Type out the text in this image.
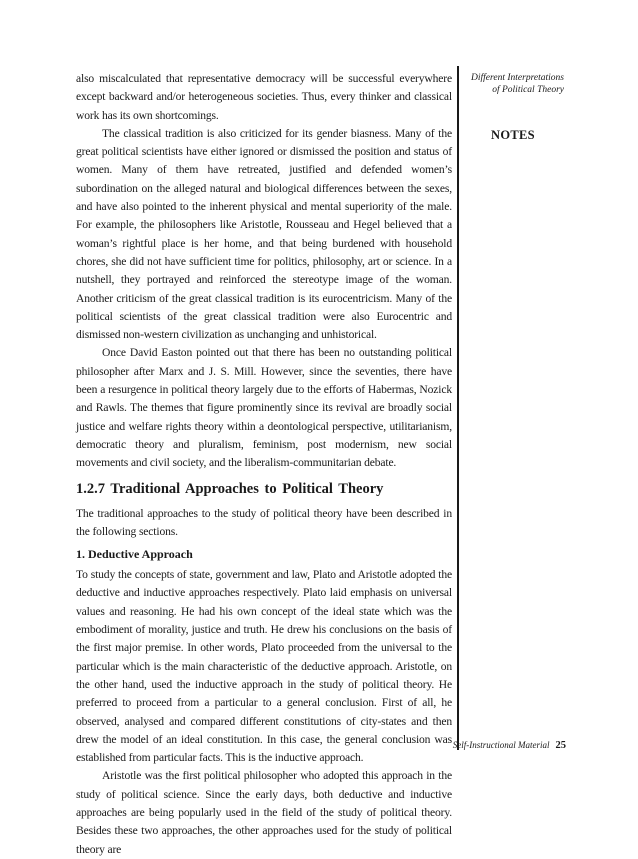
also miscalculated that representative democracy will be successful everywhere except backward and/or heterogeneous societies. Thus, every thinker and classical work has its own shortcomings.

The classical tradition is also criticized for its gender biasness. Many of the great political scientists have either ignored or dismissed the position and status of women. Many of them have retreated, justified and defended women’s subordination on the alleged natural and biological differences between the sexes, and have also pointed to the inherent physical and mental superiority of the male. For example, the philosophers like Aristotle, Rousseau and Hegel believed that a woman’s rightful place is her home, and that being burdened with household chores, she did not have sufficient time for politics, philosophy, art or science. In a nutshell, they portrayed and reinforced the stereotype image of the woman. Another criticism of the great classical tradition is its eurocentricism. Many of the political scientists of the great classical tradition were also Eurocentric and dismissed non-western civilization as unchanging and unhistorical.

Once David Easton pointed out that there has been no outstanding political philosopher after Marx and J. S. Mill. However, since the seventies, there have been a resurgence in political theory largely due to the efforts of Habermas, Nozick and Rawls. The themes that figure prominently since its revival are broadly social justice and welfare rights theory within a deontological perspective, utilitarianism, democratic theory and pluralism, feminism, post modernism, new social movements and civil society, and the liberalism-communitarian debate.

1.2.7 Traditional Approaches to Political Theory

The traditional approaches to the study of political theory have been described in the following sections.

1. Deductive Approach

To study the concepts of state, government and law, Plato and Aristotle adopted the deductive and inductive approaches respectively. Plato laid emphasis on universal values and reasoning. He had his own concept of the ideal state which was the embodiment of morality, justice and truth. He drew his conclusions on the basis of the first major premise. In other words, Plato proceeded from the universal to the particular which is the main characteristic of the deductive approach. Aristotle, on the other hand, used the inductive approach in the study of political theory. He preferred to proceed from a particular to a general conclusion. First of all, he observed, analysed and compared different constitutions of city-states and then drew the model of an ideal constitution. In this case, the general conclusion was established from particular facts. This is the inductive approach.

Aristotle was the first political philosopher who adopted this approach in the study of political science. Since the early days, both deductive and inductive approaches are being popularly used in the field of the study of political theory. Besides these two approaches, the other approaches used for the study of political theory are

Different Interpretations of Political Theory
NOTES
Self-Instructional Material 25
